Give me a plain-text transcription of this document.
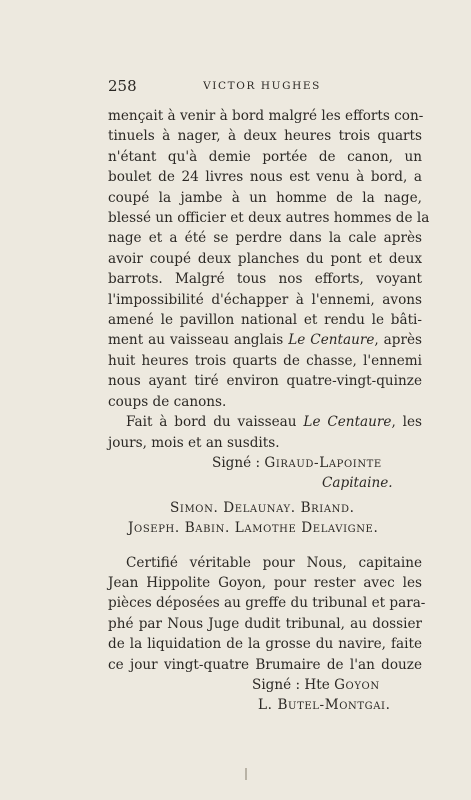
258	VICTOR HUGHES
mençait à venir à bord malgré les efforts con-
tinuels à nager, à deux heures trois quarts
n'étant qu'à demie portée de canon, un
boulet de 24 livres nous est venu à bord, a
coupé la jambe à un homme de la nage,
blessé un officier et deux autres hommes de la
nage et a été se perdre dans la cale après
avoir coupé deux planches du pont et deux
barrots. Malgré tous nos efforts, voyant
l'impossibilité d'échapper à l'ennemi, avons
amené le pavillon national et rendu le bâti-
ment au vaisseau anglais Le Centaure, après
huit heures trois quarts de chasse, l'ennemi
nous ayant tiré environ quatre-vingt-quinze
coups de canons.
Fait à bord du vaisseau Le Centaure, les
jours, mois et an susdits.
Signé : Giraud-Lapointe
Capitaine.
Simon. Delaunay. Briand.
Joseph. Babin. Lamothe Delavigne.
Certifié véritable pour Nous, capitaine
Jean Hippolite Goyon, pour rester avec les
pièces déposées au greffe du tribunal et para-
phé par Nous Juge dudit tribunal, au dossier
de la liquidation de la grosse du navire, faite
ce jour vingt-quatre Brumaire de l'an douze
Signé : Hte Goyon
L. Butel-Montgai.
